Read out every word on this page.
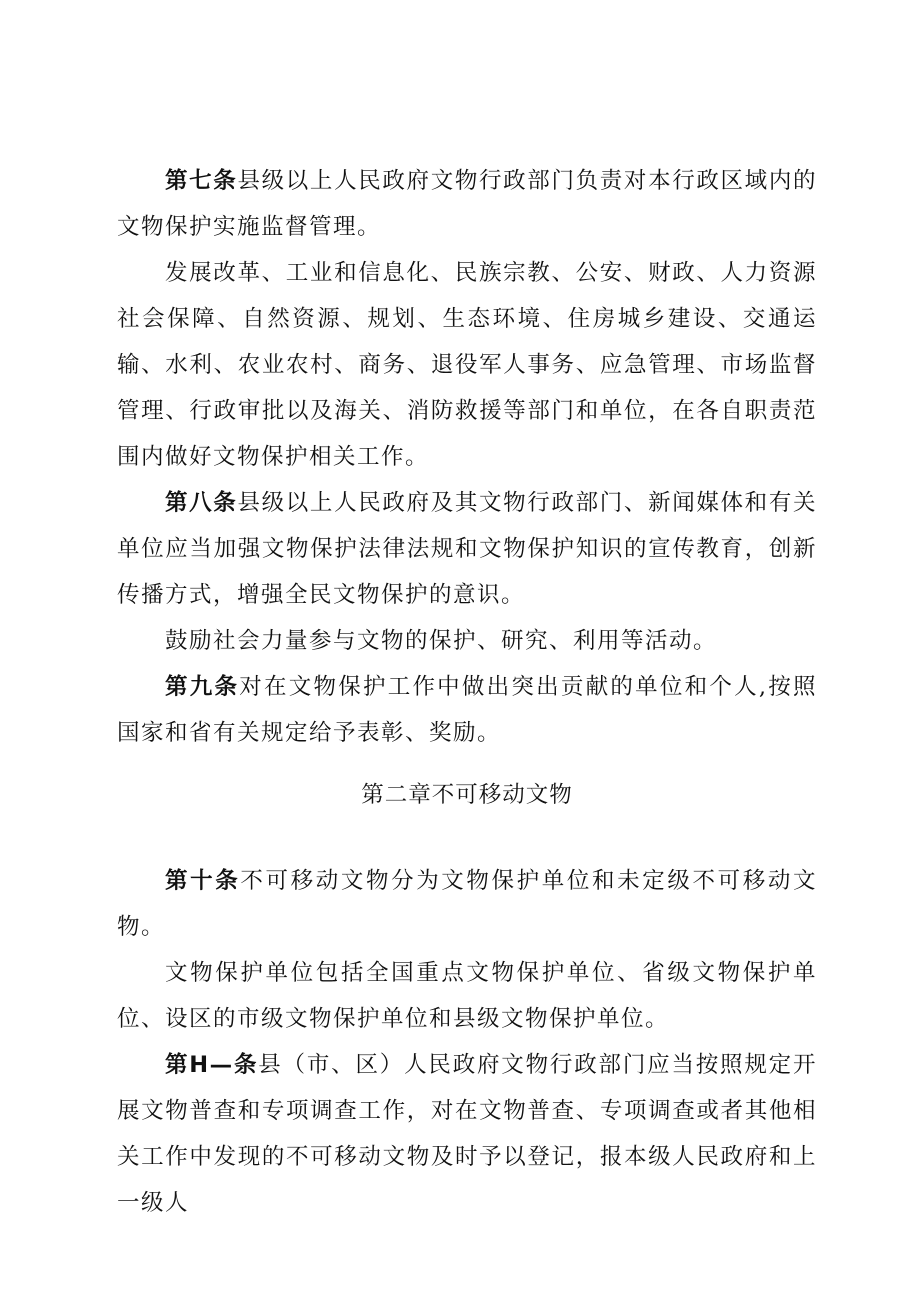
第七条县级以上人民政府文物行政部门负责对本行政区域内的文物保护实施监督管理。

发展改革、工业和信息化、民族宗教、公安、财政、人力资源社会保障、自然资源、规划、生态环境、住房城乡建设、交通运输、水利、农业农村、商务、退役军人事务、应急管理、市场监督管理、行政审批以及海关、消防救援等部门和单位，在各自职责范围内做好文物保护相关工作。

第八条县级以上人民政府及其文物行政部门、新闻媒体和有关单位应当加强文物保护法律法规和文物保护知识的宣传教育，创新传播方式，增强全民文物保护的意识。

鼓励社会力量参与文物的保护、研究、利用等活动。

第九条对在文物保护工作中做出突出贡献的单位和个人,按照国家和省有关规定给予表彰、奖励。

第二章不可移动文物

第十条不可移动文物分为文物保护单位和未定级不可移动文物。

文物保护单位包括全国重点文物保护单位、省级文物保护单位、设区的市级文物保护单位和县级文物保护单位。

第H—条县（市、区）人民政府文物行政部门应当按照规定开展文物普查和专项调查工作，对在文物普查、专项调查或者其他相关工作中发现的不可移动文物及时予以登记，报本级人民政府和上一级人
